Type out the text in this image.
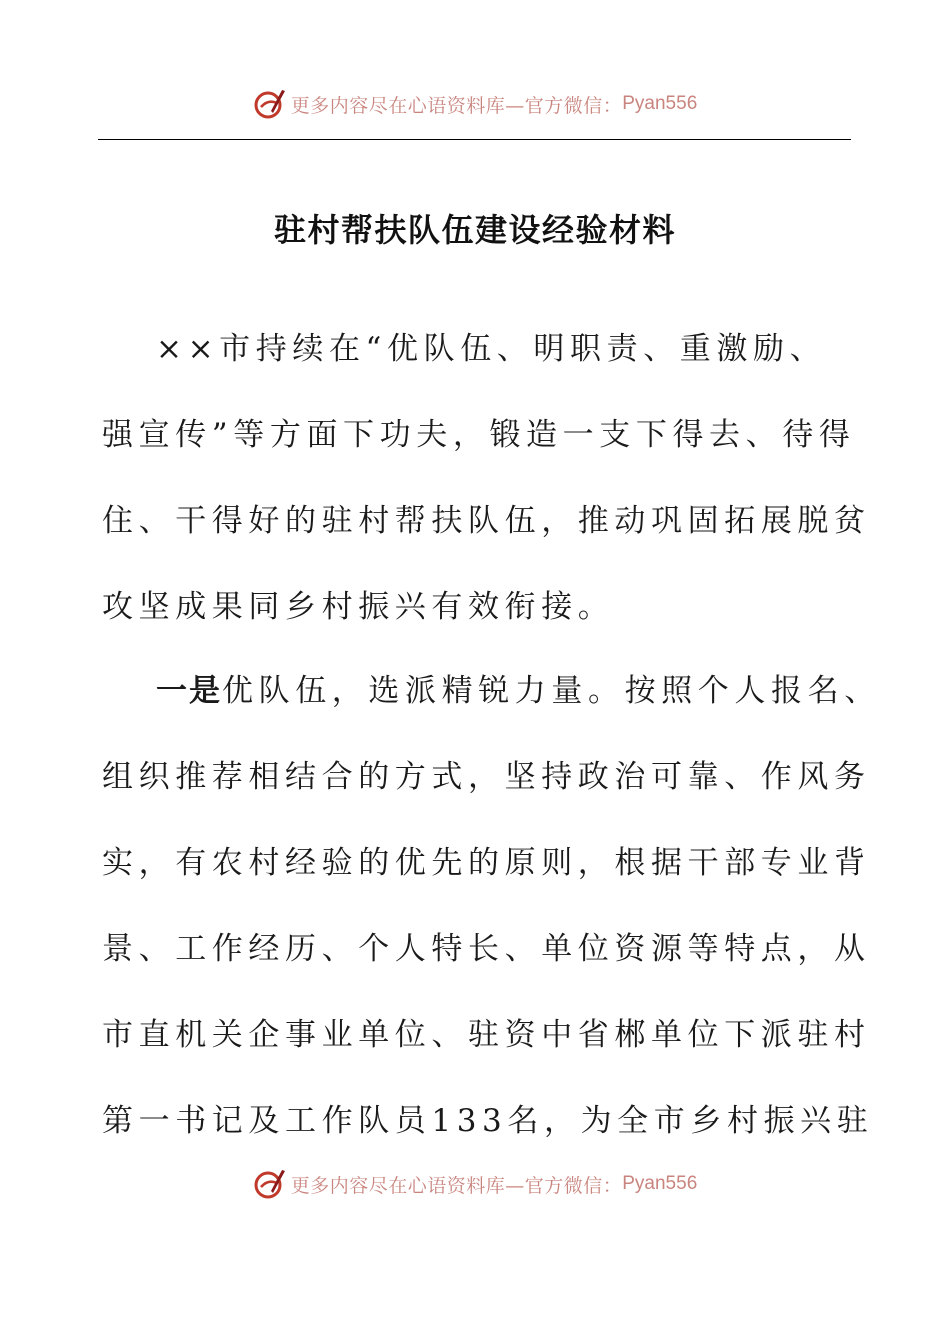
更多内容尽在心语资料库—官方微信： Pyan556
驻村帮扶队伍建设经验材料
××市持续在“优队伍、明职责、重激励、
强宣传”等方面下功夫，锻造一支下得去、待得
住、干得好的驻村帮扶队伍，推动巩固拓展脱贫
攻坚成果同乡村振兴有效衔接。
一是优队伍，选派精锐力量。按照个人报名、
组织推荐相结合的方式，坚持政治可靠、作风务
实，有农村经验的优先的原则，根据干部专业背
景、工作经历、个人特长、单位资源等特点，从
市直机关企事业单位、驻资中省郴单位下派驻村
第一书记及工作队员133名，为全市乡村振兴驻
更多内容尽在心语资料库—官方微信： Pyan556
